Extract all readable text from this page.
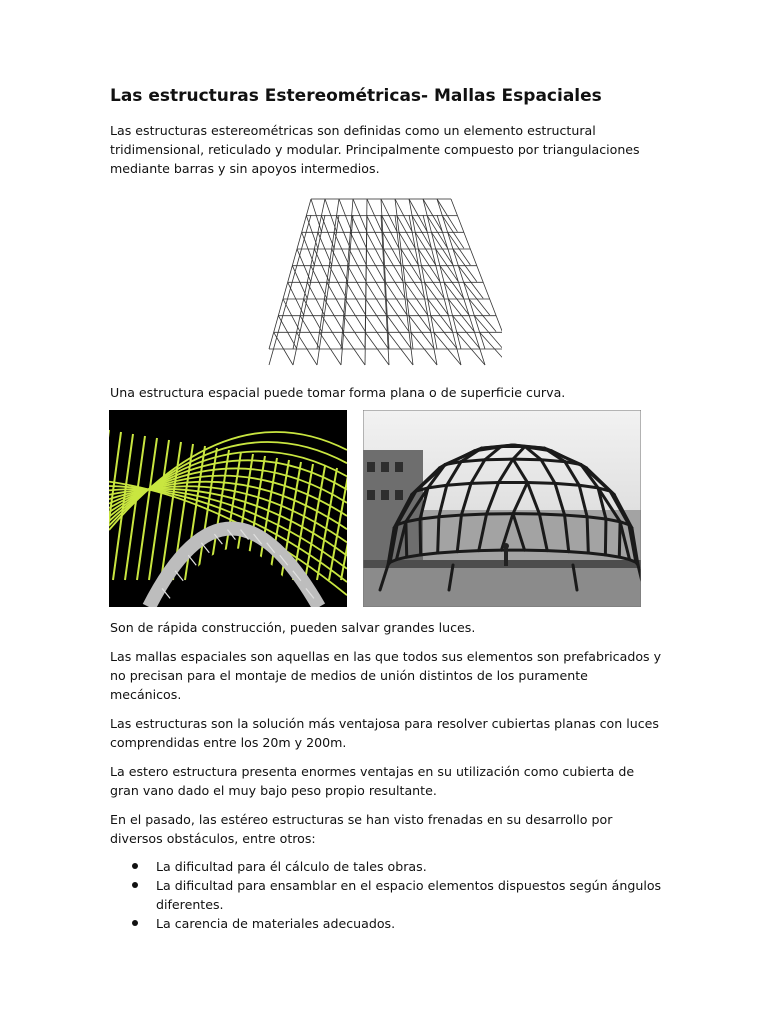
Las estructuras Estereométricas- Mallas Espaciales

Las estructuras estereométricas son definidas como un elemento estructural
tridimensional, reticulado y modular. Principalmente compuesto por triangulaciones
mediante barras y sin apoyos intermedios.

Una estructura espacial puede tomar forma plana o de superficie curva.

Son de rápida construcción, pueden salvar grandes luces.

Las mallas espaciales son aquellas en las que todos sus elementos son prefabricados y
no precisan para el montaje de medios de unión distintos de los puramente
mecánicos.

Las estructuras son la solución más ventajosa para resolver cubiertas planas con luces
comprendidas entre los 20m y 200m.

La estero estructura presenta enormes ventajas en su utilización como cubierta de
gran vano dado el muy bajo peso propio resultante.

En el pasado, las estéreo estructuras se han visto frenadas en su desarrollo por
diversos obstáculos, entre otros:

La dificultad para él cálculo de tales obras.
La dificultad para ensamblar en el espacio elementos dispuestos según ángulos
diferentes.
La carencia de materiales adecuados.
